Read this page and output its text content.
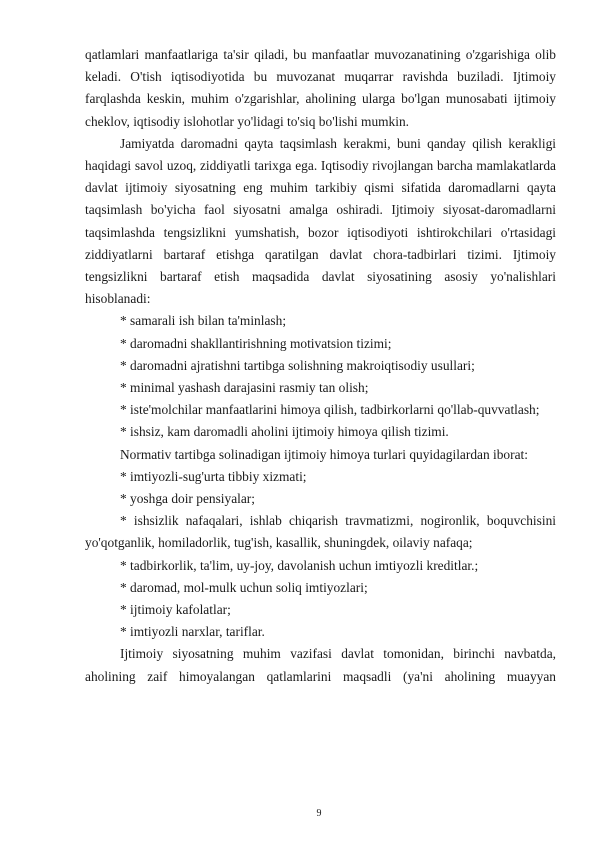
qatlamlari manfaatlariga ta'sir qiladi, bu manfaatlar muvozanatining o'zgarishiga olib keladi. O'tish iqtisodiyotida bu muvozanat muqarrar ravishda buziladi. Ijtimoiy farqlashda keskin, muhim o'zgarishlar, aholining ularga bo'lgan munosabati ijtimoiy cheklov, iqtisodiy islohotlar yo'lidagi to'siq bo'lishi mumkin.

Jamiyatda daromadni qayta taqsimlash kerakmi, buni qanday qilish kerakligi haqidagi savol uzoq, ziddiyatli tarixga ega. Iqtisodiy rivojlangan barcha mamlakatlarda davlat ijtimoiy siyosatning eng muhim tarkibiy qismi sifatida daromadlarni qayta taqsimlash bo'yicha faol siyosatni amalga oshiradi. Ijtimoiy siyosat-daromadlarni taqsimlashda tengsizlikni yumshatish, bozor iqtisodiyoti ishtirokchilari o'rtasidagi ziddiyatlarni bartaraf etishga qaratilgan davlat chora-tadbirlari tizimi. Ijtimoiy tengsizlikni bartaraf etish maqsadida davlat siyosatining asosiy yo'nalishlari hisoblanadi:

* samarali ish bilan ta'minlash;

* daromadni shakllantirishning motivatsion tizimi;

* daromadni ajratishni tartibga solishning makroiqtisodiy usullari;

* minimal yashash darajasini rasmiy tan olish;

* iste'molchilar manfaatlarini himoya qilish, tadbirkorlarni qo'llab-quvvatlash;

* ishsiz, kam daromadli aholini ijtimoiy himoya qilish tizimi.

Normativ tartibga solinadigan ijtimoiy himoya turlari quyidagilardan iborat:

* imtiyozli-sug'urta tibbiy xizmati;

* yoshga doir pensiyalar;

* ishsizlik nafaqalari, ishlab chiqarish travmatizmi, nogironlik, boquvchisini yo'qotganlik, homiladorlik, tug'ish, kasallik, shuningdek, oilaviy nafaqa;

* tadbirkorlik, ta'lim, uy-joy, davolanish uchun imtiyozli kreditlar.;

* daromad, mol-mulk uchun soliq imtiyozlari;

* ijtimoiy kafolatlar;

* imtiyozli narxlar, tariflar.

Ijtimoiy siyosatning muhim vazifasi davlat tomonidan, birinchi navbatda, aholining zaif himoyalangan qatlamlarini maqsadli (ya'ni aholining muayyan

9
